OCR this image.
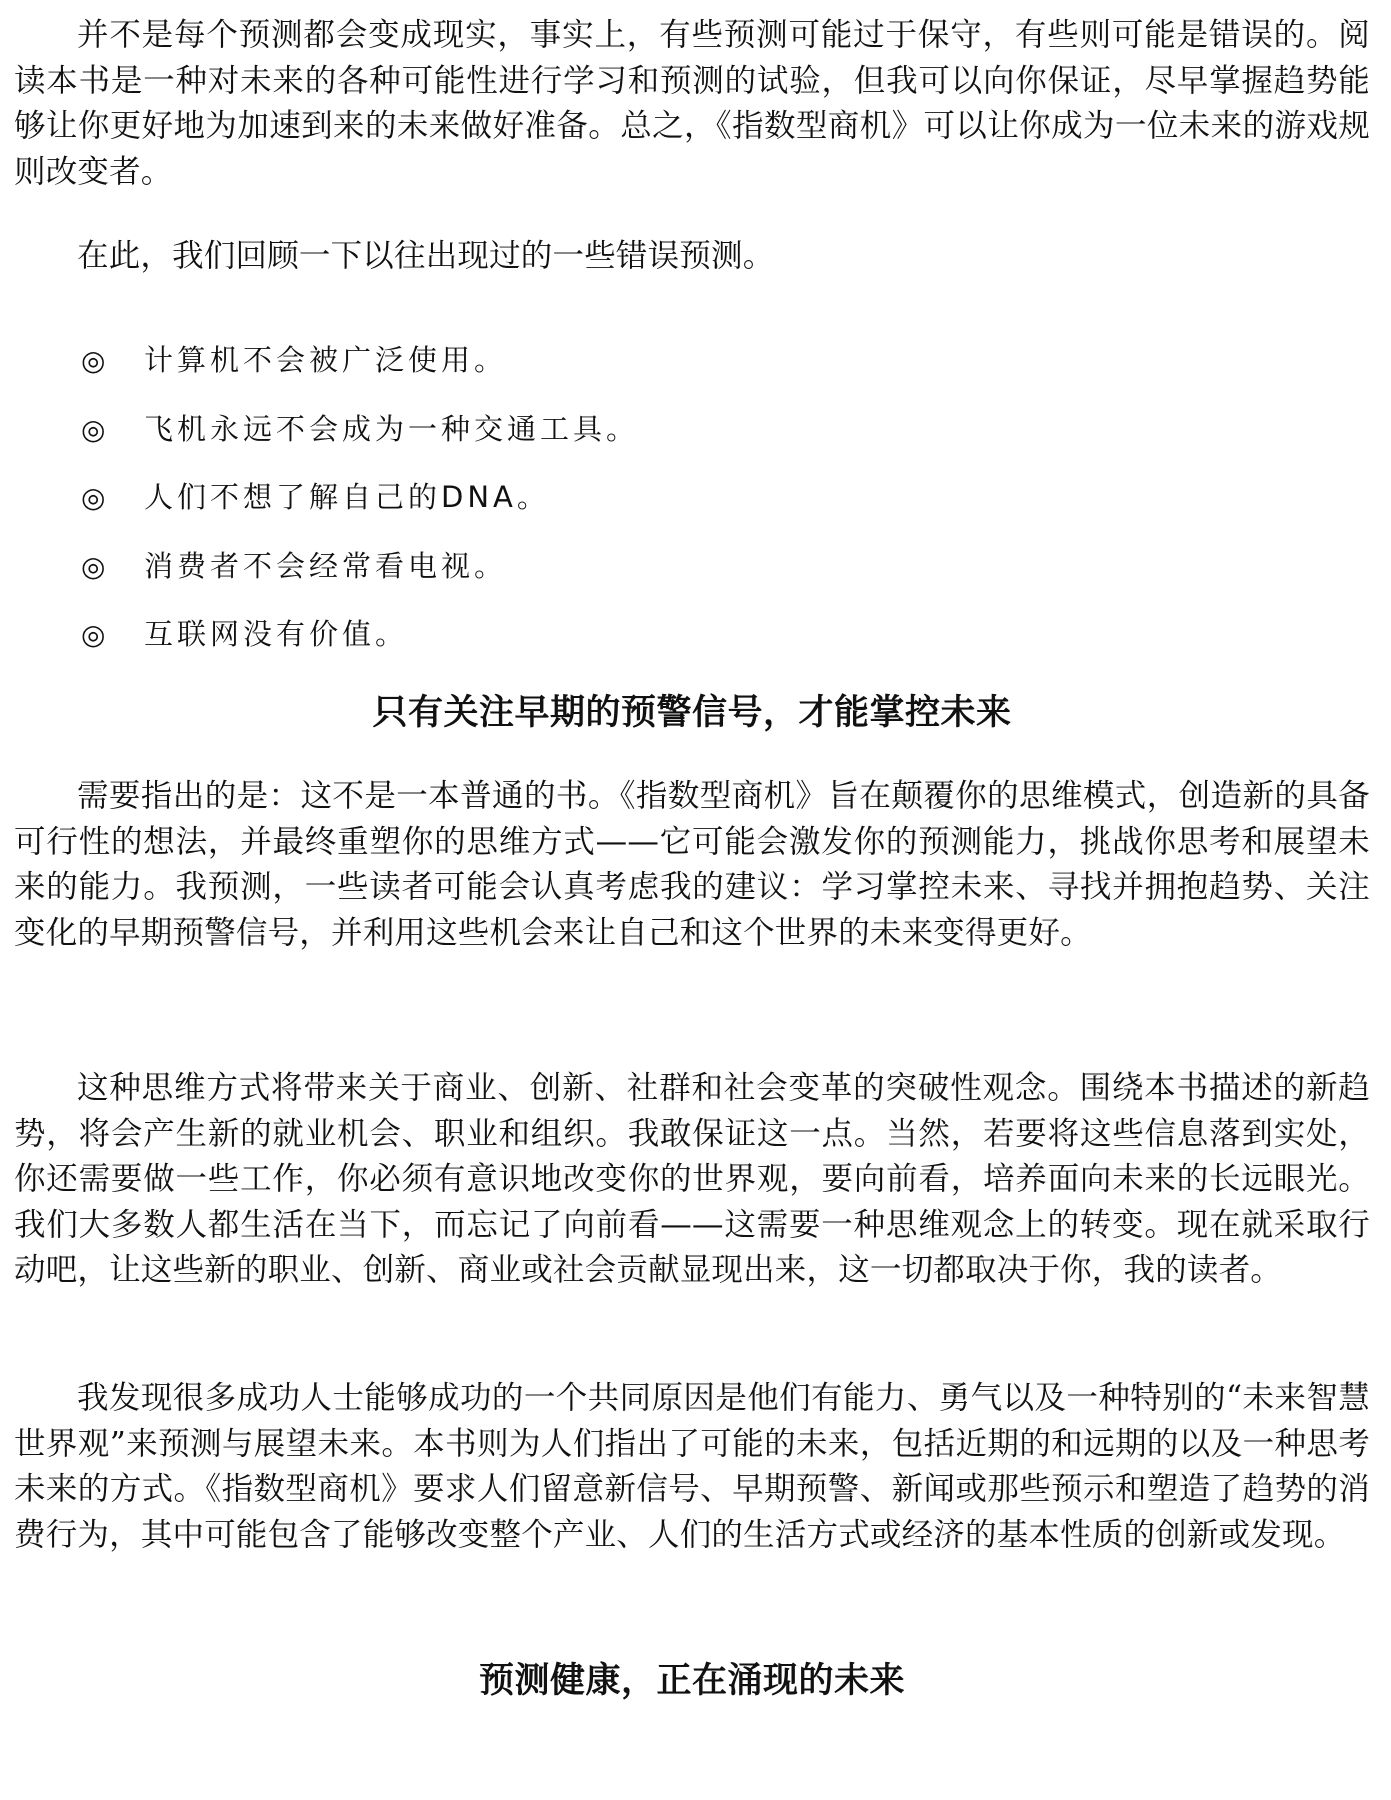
并不是每个预测都会变成现实，事实上，有些预测可能过于保守，有些则可能是错误的。阅读本书是一种对未来的各种可能性进行学习和预测的试验，但我可以向你保证，尽早掌握趋势能够让你更好地为加速到来的未来做好准备。总之，《指数型商机》可以让你成为一位未来的游戏规则改变者。

在此，我们回顾一下以往出现过的一些错误预测。

◎ 计算机不会被广泛使用。
◎ 飞机永远不会成为一种交通工具。
◎ 人们不想了解自己的DNA。
◎ 消费者不会经常看电视。
◎ 互联网没有价值。
只有关注早期的预警信号，才能掌控未来

需要指出的是：这不是一本普通的书。《指数型商机》旨在颠覆你的思维模式，创造新的具备可行性的想法，并最终重塑你的思维方式——它可能会激发你的预测能力，挑战你思考和展望未来的能力。我预测，一些读者可能会认真考虑我的建议：学习掌控未来、寻找并拥抱趋势、关注变化的早期预警信号，并利用这些机会来让自己和这个世界的未来变得更好。

这种思维方式将带来关于商业、创新、社群和社会变革的突破性观念。围绕本书描述的新趋势，将会产生新的就业机会、职业和组织。我敢保证这一点。当然，若要将这些信息落到实处，你还需要做一些工作，你必须有意识地改变你的世界观，要向前看，培养面向未来的长远眼光。我们大多数人都生活在当下，而忘记了向前看——这需要一种思维观念上的转变。现在就采取行动吧，让这些新的职业、创新、商业或社会贡献显现出来，这一切都取决于你，我的读者。

我发现很多成功人士能够成功的一个共同原因是他们有能力、勇气以及一种特别的“未来智慧世界观”来预测与展望未来。本书则为人们指出了可能的未来，包括近期的和远期的以及一种思考未来的方式。《指数型商机》要求人们留意新信号、早期预警、新闻或那些预示和塑造了趋势的消费行为，其中可能包含了能够改变整个产业、人们的生活方式或经济的基本性质的创新或发现。

预测健康，正在涌现的未来
